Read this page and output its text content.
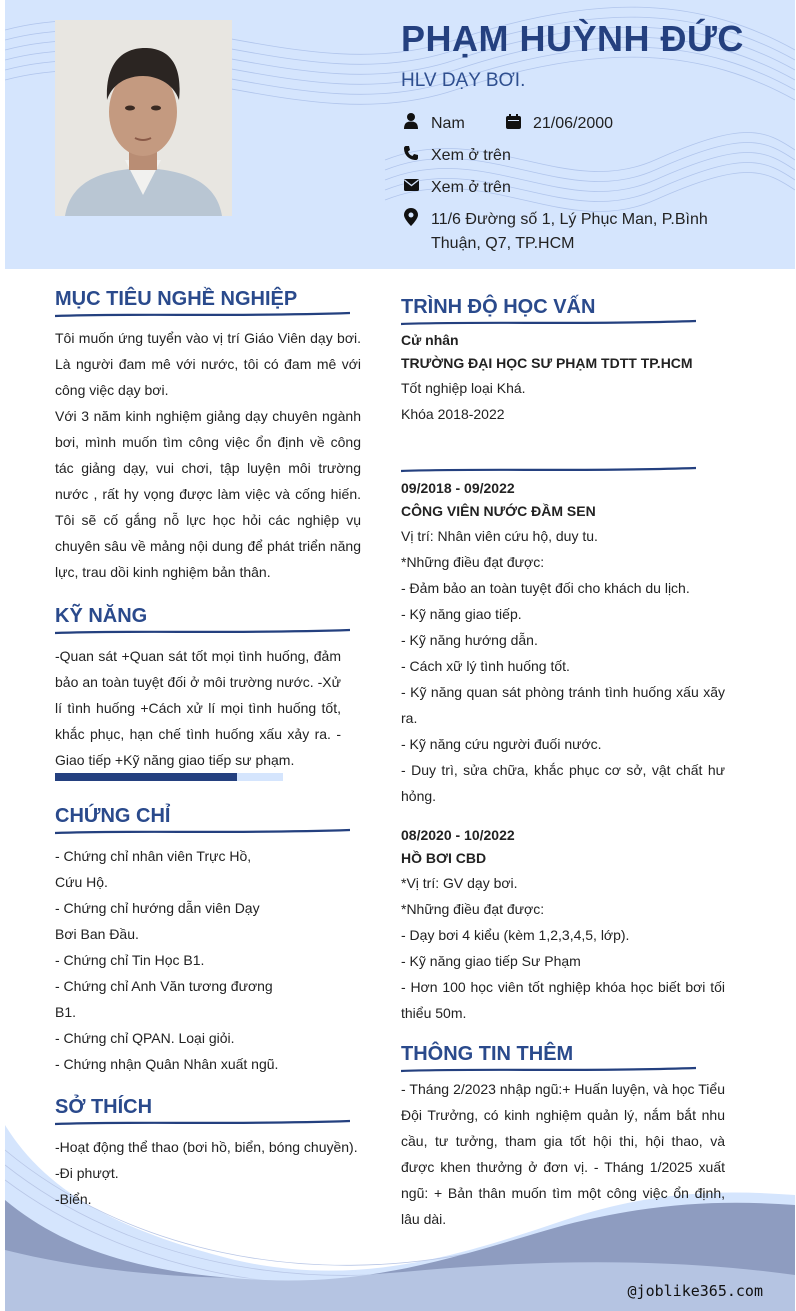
PHẠM HUỲNH ĐỨC
HLV DẠY BƠI.
Nam	21/06/2000
Xem ở trên
Xem ở trên
11/6 Đường số 1, Lý Phục Man, P.Bình Thuận, Q7, TP.HCM
MỤC TIÊU NGHỀ NGHIỆP
Tôi muốn ứng tuyển vào vị trí Giáo Viên dạy bơi. Là người đam mê với nước, tôi có đam mê với công việc dạy bơi.
Với 3 năm kinh nghiệm giảng dạy chuyên ngành bơi, mình muốn tìm công việc ổn định về công tác giảng dạy, vui chơi, tập luyện môi trường nước , rất hy vọng được làm việc và cống hiến. Tôi sẽ cố gắng nỗ lực học hỏi các nghiệp vụ chuyên sâu về mảng nội dung để phát triển năng lực, trau dồi kinh nghiệm bản thân.
KỸ NĂNG
-Quan sát +Quan sát tốt mọi tình huống, đảm bảo an toàn tuyệt đối ở môi trường nước. -Xử lí tình huống +Cách xử lí mọi tình huống tốt, khắc phục, hạn chế tình huống xấu xảy ra. -Giao tiếp +Kỹ năng giao tiếp sư phạm.
CHỨNG CHỈ
- Chứng chỉ nhân viên Trực Hồ, Cứu Hộ.
- Chứng chỉ hướng dẫn viên Dạy Bơi Ban Đầu.
- Chứng chỉ Tin Học B1.
- Chứng chỉ Anh Văn tương đương B1.
- Chứng chỉ QPAN. Loại giỏi.
- Chứng nhận Quân Nhân xuất ngũ.
SỞ THÍCH
-Hoạt động thể thao (bơi hồ, biển, bóng chuyền).
-Đi phượt.
-Biển.
TRÌNH ĐỘ HỌC VẤN
Cử nhân
TRƯỜNG ĐẠI HỌC SƯ PHẠM TDTT TP.HCM
Tốt nghiệp loại Khá.
Khóa 2018-2022
09/2018 - 09/2022
CÔNG VIÊN NƯỚC ĐẦM SEN
Vị trí: Nhân viên cứu hộ, duy tu.
*Những điều đạt được:
- Đảm bảo an toàn tuyệt đối cho khách du lịch.
- Kỹ năng giao tiếp.
- Kỹ năng hướng dẫn.
- Cách xữ lý tình huống tốt.
- Kỹ năng quan sát phòng tránh tình huống xấu xãy ra.
- Kỹ năng cứu người đuối nước.
- Duy trì, sửa chữa, khắc phục cơ sở, vật chất hư hỏng.
08/2020 - 10/2022
HỒ BƠI CBD
*Vị trí: GV dạy bơi.
*Những điều đạt được:
- Dạy bơi 4 kiểu (kèm 1,2,3,4,5, lớp).
- Kỹ năng giao tiếp Sư Phạm
- Hơn 100 học viên tốt nghiệp khóa học biết bơi tối thiểu 50m.
THÔNG TIN THÊM
- Tháng 2/2023 nhập ngũ:+ Huấn luyện, và học Tiểu Đội Trưởng, có kinh nghiệm quản lý, nắm bắt nhu cầu, tư tưởng, tham gia tốt hội thi, hội thao, và được khen thưởng ở đơn vị. - Tháng 1/2025 xuất ngũ: + Bản thân muốn tìm một công việc ổn định, lâu dài.
@joblike365.com
